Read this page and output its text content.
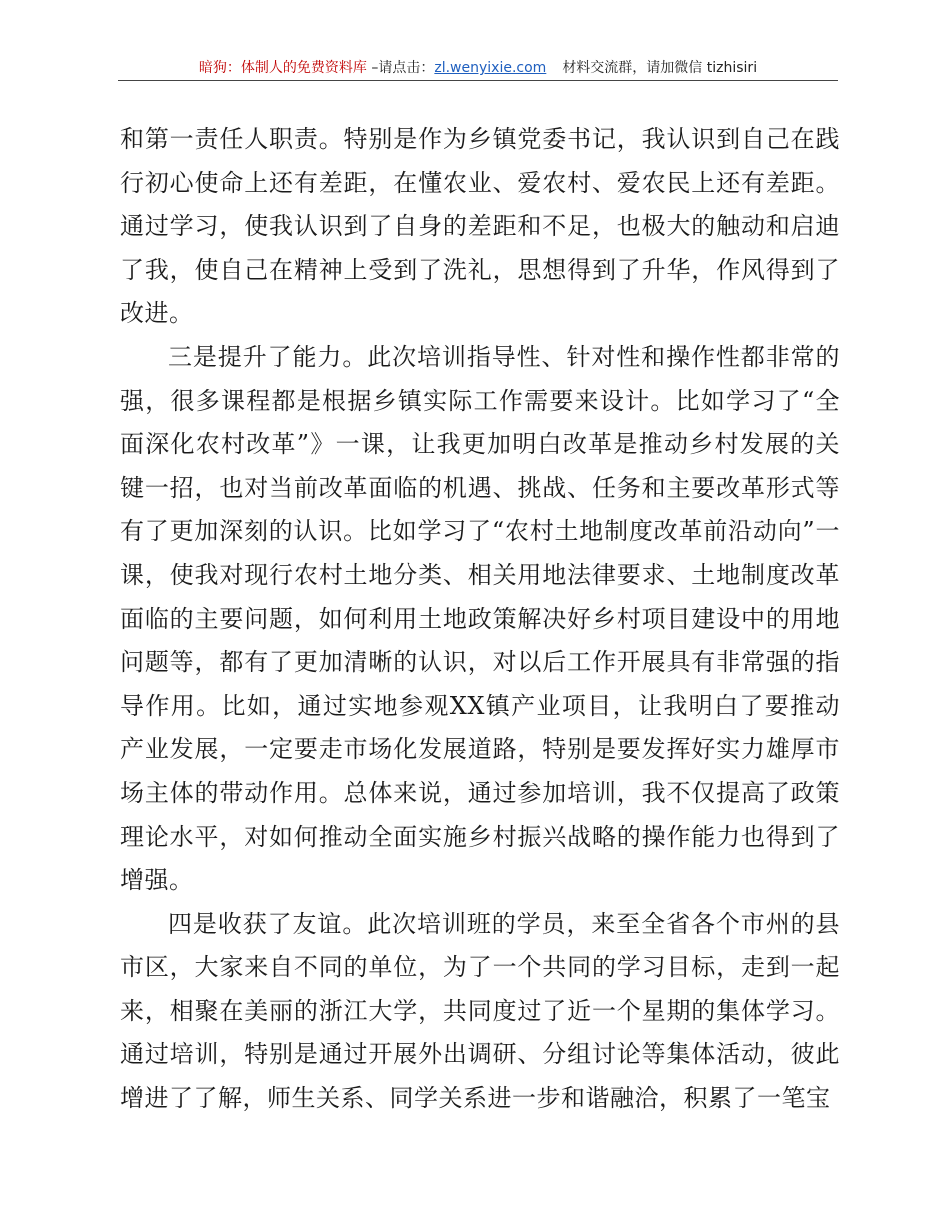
暗狗：体制人的免费资料库 –请点击：zl.wenyixie.com 材料交流群，请加微信 tizhisiri

和第一责任人职责。特别是作为乡镇党委书记，我认识到自己在践行初心使命上还有差距，在懂农业、爱农村、爱农民上还有差距。通过学习，使我认识到了自身的差距和不足，也极大的触动和启迪了我，使自己在精神上受到了洗礼，思想得到了升华，作风得到了改进。

三是提升了能力。此次培训指导性、针对性和操作性都非常的强，很多课程都是根据乡镇实际工作需要来设计。比如学习了“全面深化农村改革”》一课，让我更加明白改革是推动乡村发展的关键一招，也对当前改革面临的机遇、挑战、任务和主要改革形式等有了更加深刻的认识。比如学习了“农村土地制度改革前沿动向”一课，使我对现行农村土地分类、相关用地法律要求、土地制度改革面临的主要问题，如何利用土地政策解决好乡村项目建设中的用地问题等，都有了更加清晰的认识，对以后工作开展具有非常强的指导作用。比如，通过实地参观XX镇产业项目，让我明白了要推动产业发展，一定要走市场化发展道路，特别是要发挥好实力雄厚市场主体的带动作用。总体来说，通过参加培训，我不仅提高了政策理论水平，对如何推动全面实施乡村振兴战略的操作能力也得到了增强。

四是收获了友谊。此次培训班的学员，来至全省各个市州的县市区，大家来自不同的单位，为了一个共同的学习目标，走到一起来，相聚在美丽的浙江大学，共同度过了近一个星期的集体学习。通过培训，特别是通过开展外出调研、分组讨论等集体活动，彼此增进了了解，师生关系、同学关系进一步和谐融洽，积累了一笔宝
